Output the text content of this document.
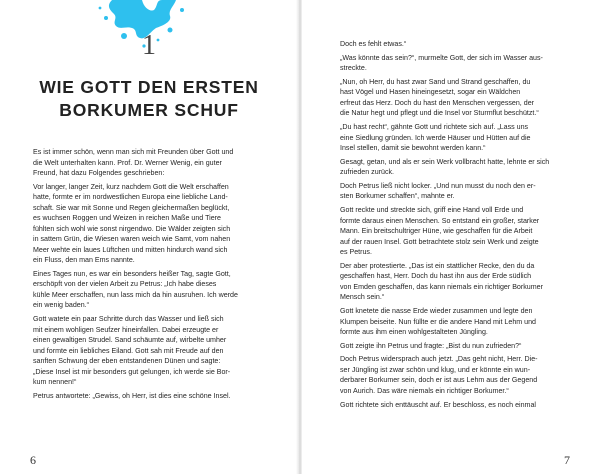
1
WIE GOTT DEN ERSTEN
BORKUMER SCHUF
Es ist immer schön, wenn man sich mit Freunden über Gott und
die Welt unterhalten kann. Prof. Dr. Werner Wenig, ein guter
Freund, hat dazu Folgendes geschrieben:
Vor langer, langer Zeit, kurz nachdem Gott die Welt erschaffen
hatte, formte er im nordwestlichen Europa eine liebliche Land-
schaft. Sie war mit Sonne und Regen gleichermaßen beglückt,
es wuchsen Roggen und Weizen in reichen Maße und Tiere
fühlten sich wohl wie sonst nirgendwo. Die Wälder zeigten sich
in sattem Grün, die Wiesen waren weich wie Samt, vom nahen
Meer wehte ein laues Lüftchen und mitten hindurch wand sich
ein Fluss, den man Ems nannte.
Eines Tages nun, es war ein besonders heißer Tag, sagte Gott,
erschöpft von der vielen Arbeit zu Petrus: „Ich habe dieses
kühle Meer erschaffen, nun lass mich da hin ausruhen. Ich werde
ein wenig baden.“
Gott watete ein paar Schritte durch das Wasser und ließ sich
mit einem wohligen Seufzer hineinfallen. Dabei erzeugte er
einen gewaltigen Strudel. Sand schäumte auf, wirbelte umher
und formte ein liebliches Eiland. Gott sah mit Freude auf den
sanften Schwung der eben entstandenen Dünen und sagte:
„Diese Insel ist mir besonders gut gelungen, ich werde sie Bor-
kum nennen!“
Petrus antwortete: „Gewiss, oh Herr, ist dies eine schöne Insel.
6
Doch es fehlt etwas.“
„Was könnte das sein?“, murmelte Gott, der sich im Wasser aus-
streckte.
„Nun, oh Herr, du hast zwar Sand und Strand geschaffen, du
hast Vögel und Hasen hineingesetzt, sogar ein Wäldchen
erfreut das Herz. Doch du hast den Menschen vergessen, der
die Natur hegt und pflegt und die Insel vor Sturmflut beschützt.“
„Du hast recht“, gähnte Gott und richtete sich auf. „Lass uns
eine Siedlung gründen. Ich werde Häuser und Hütten auf die
Insel stellen, damit sie bewohnt werden kann.“
Gesagt, getan, und als er sein Werk vollbracht hatte, lehnte er sich
zufrieden zurück.
Doch Petrus ließ nicht locker. „Und nun musst du noch den er-
sten Borkumer schaffen“, mahnte er.
Gott reckte und streckte sich, griff eine Hand voll Erde und
formte daraus einen Menschen. So entstand ein großer, starker
Mann. Ein breitschultriger Hüne, wie geschaffen für die Arbeit
auf der rauen Insel. Gott betrachtete stolz sein Werk und zeigte
es Petrus.
Der aber protestierte. „Das ist ein stattlicher Recke, den du da
geschaffen hast, Herr. Doch du hast ihn aus der Erde südlich
von Emden geschaffen, das kann niemals ein richtiger Borkumer
Mensch sein.“
Gott knetete die nasse Erde wieder zusammen und legte den
Klumpen beiseite. Nun füllte er die andere Hand mit Lehm und
formte aus ihm einen wohlgestalteten Jüngling.
Gott zeigte ihn Petrus und fragte: „Bist du nun zufrieden?“
Doch Petrus widersprach auch jetzt. „Das geht nicht, Herr. Die-
ser Jüngling ist zwar schön und klug, und er könnte ein wun-
derbarer Borkumer sein, doch er ist aus Lehm aus der Gegend
von Aurich. Das wäre niemals ein richtiger Borkumer.“
Gott richtete sich enttäuscht auf. Er beschloss, es noch einmal
7
